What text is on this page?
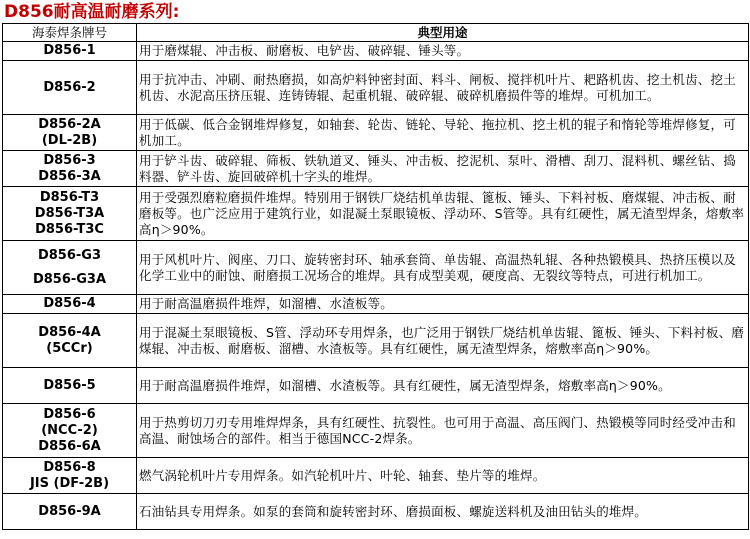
D856耐高温耐磨系列:
海泰焊条牌号	典型用途

D856-1	用于磨煤辊、冲击板、耐磨板、电铲齿、破碎辊、锤头等。

D856-2	用于抗冲击、冲刷、耐热磨损，如高炉料钟密封面、料斗、闸板、搅拌机叶片、耙路机齿、挖土机齿、挖土机齿、水泥高压挤压辊、连铸铸辊、起重机辊、破碎辊、破碎机磨损件等的堆焊。可机加工。

D856-2A
(DL-2B)	用于低碳、低合金钢堆焊修复，如轴套、轮齿、链轮、导轮、拖拉机、挖土机的辊子和惰轮等堆焊修复，可机加工。

D856-3
D856-3A	用于铲斗齿、破碎辊、筛板、铁轨道叉、锤头、冲击板、挖泥机、泵叶、滑槽、刮刀、混料机、螺丝钻、捣料器、铲斗齿、旋回破碎机十字头的堆焊。

D856-T3
D856-T3A
D856-T3C	用于受强烈磨粒磨损件堆焊。特别用于钢铁厂烧结机单齿辊、篦板、锤头、下料衬板、磨煤辊、冲击板、耐磨板等。也广泛应用于建筑行业，如混凝土泵眼镜板、浮动环、S管等。具有红硬性，属无渣型焊条，熔敷率高η＞90%。

D856-G3
D856-G3A	用于风机叶片、阀座、刀口、旋转密封环、轴承套筒、单齿辊、高温热轧辊、各种热锻模具、热挤压模以及化学工业中的耐蚀、耐磨损工况场合的堆焊。具有成型美观，硬度高、无裂纹等特点，可进行机加工。

D856-4	用于耐高温磨损件堆焊，如溜槽、水渣板等。

D856-4A
(5CCr)	用于混凝土泵眼镜板、S管、浮动环专用焊条，也广泛用于钢铁厂烧结机单齿辊、篦板、锤头、下料衬板、磨煤辊、冲击板、耐磨板、溜槽、水渣板等。具有红硬性，属无渣型焊条，熔敷率高η＞90%。

D856-5	用于耐高温磨损件堆焊，如溜槽、水渣板等。具有红硬性，属无渣型焊条，熔敷率高η＞90%。

D856-6
(NCC-2)
D856-6A	用于热剪切刀刃专用堆焊焊条，具有红硬性、抗裂性。也可用于高温、高压阀门、热锻模等同时经受冲击和高温、耐蚀场合的部件。相当于德国NCC-2焊条。

D856-8
JIS (DF-2B)	燃气涡轮机叶片专用焊条。如汽轮机叶片、叶轮、轴套、垫片等的堆焊。

D856-9A	石油钻具专用焊条。如泵的套筒和旋转密封环、磨损面板、螺旋送料机及油田钻头的堆焊。
